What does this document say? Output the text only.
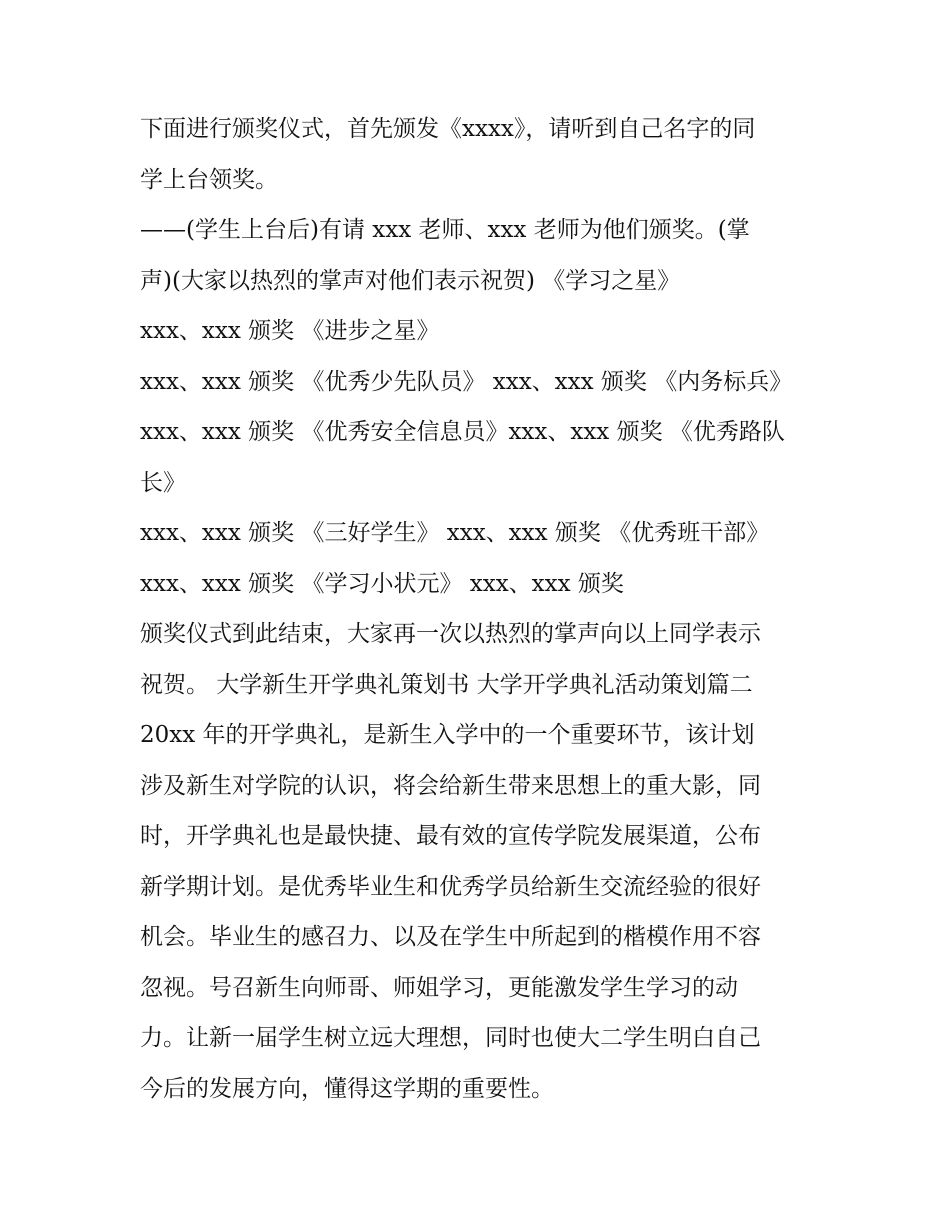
下面进行颁奖仪式，首先颁发《xxxx》，请听到自己名字的同
学上台领奖。
——(学生上台后)有请 xxx 老师、xxx 老师为他们颁奖。(掌
声)(大家以热烈的掌声对他们表示祝贺) 《学习之星》
xxx、xxx 颁奖 《进步之星》
xxx、xxx 颁奖 《优秀少先队员》 xxx、xxx 颁奖 《内务标兵》
xxx、xxx 颁奖 《优秀安全信息员》xxx、xxx 颁奖 《优秀路队
长》
xxx、xxx 颁奖 《三好学生》 xxx、xxx 颁奖 《优秀班干部》
xxx、xxx 颁奖 《学习小状元》 xxx、xxx 颁奖
颁奖仪式到此结束，大家再一次以热烈的掌声向以上同学表示
祝贺。 大学新生开学典礼策划书 大学开学典礼活动策划篇二
20xx 年的开学典礼，是新生入学中的一个重要环节，该计划
涉及新生对学院的认识，将会给新生带来思想上的重大影，同
时，开学典礼也是最快捷、最有效的宣传学院发展渠道，公布
新学期计划。是优秀毕业生和优秀学员给新生交流经验的很好
机会。毕业生的感召力、以及在学生中所起到的楷模作用不容
忽视。号召新生向师哥、师姐学习，更能激发学生学习的动
力。让新一届学生树立远大理想，同时也使大二学生明白自己
今后的发展方向，懂得这学期的重要性。
